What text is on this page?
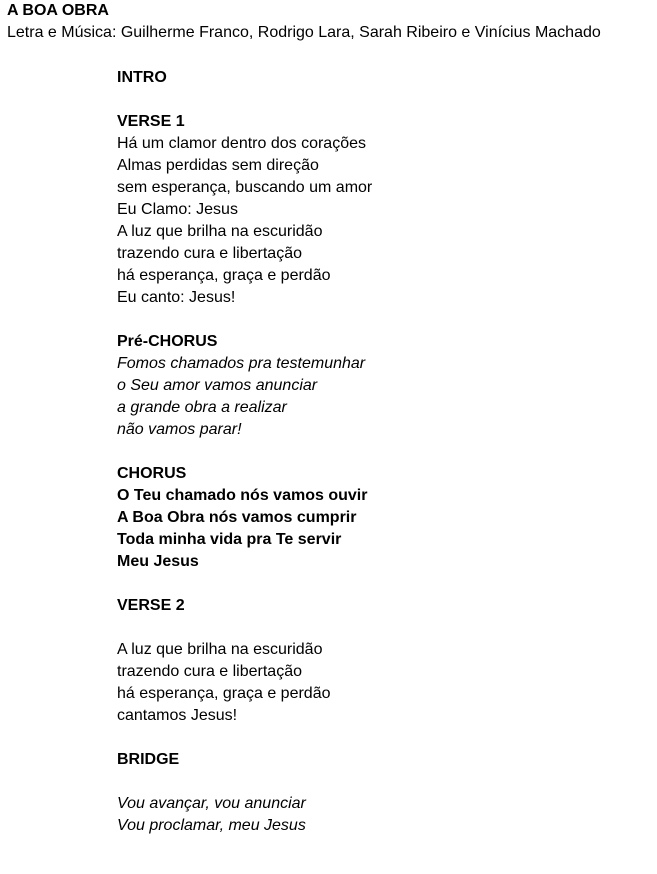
A BOA OBRA

Letra e Música: Guilherme Franco, Rodrigo Lara, Sarah Ribeiro e Vinícius Machado

INTRO
VERSE 1
Há um clamor dentro dos corações
Almas perdidas sem direção
sem esperança, buscando um amor
Eu Clamo: Jesus
A luz que brilha na escuridão
trazendo cura e libertação
há esperança, graça e perdão
Eu canto: Jesus!
Pré-CHORUS
Fomos chamados pra testemunhar
o Seu amor vamos anunciar
a grande obra a realizar
não vamos parar!
CHORUS
O Teu chamado nós vamos ouvir
A Boa Obra nós vamos cumprir
Toda minha vida pra Te servir
Meu Jesus
VERSE 2
A luz que brilha na escuridão
trazendo cura e libertação
há esperança, graça e perdão
cantamos Jesus!
BRIDGE
Vou avançar, vou anunciar
Vou proclamar, meu Jesus
